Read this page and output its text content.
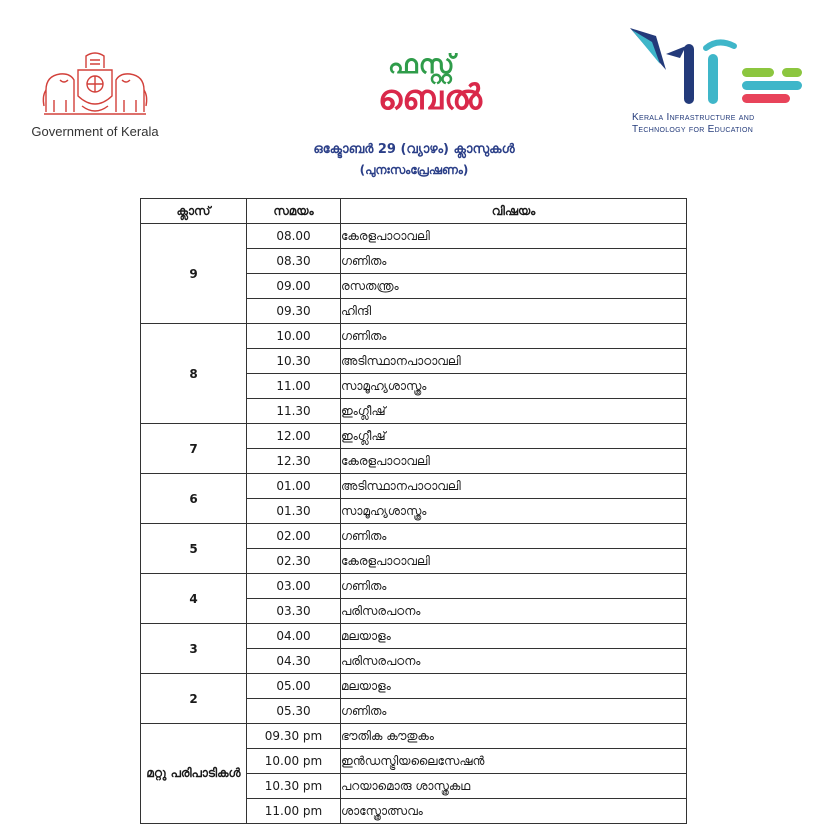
Government of Kerala
ഫസ്റ്റ്
ബെൽ
ഒക്ടോബർ 29 (വ്യാഴം) ക്ലാസുകൾ
(പുനഃസംപ്രേഷണം)
Kerala Infrastructure and
Technology for Education
ക്ലാസ്	സമയം	വിഷയം
9	08.00	കേരളപാഠാവലി
	08.30	ഗണിതം
	09.00	രസതന്ത്രം
	09.30	ഹിന്ദി
8	10.00	ഗണിതം
	10.30	അടിസ്ഥാനപാഠാവലി
	11.00	സാമൂഹ്യശാസ്ത്രം
	11.30	ഇംഗ്ലീഷ്
7	12.00	ഇംഗ്ലീഷ്
	12.30	കേരളപാഠാവലി
6	01.00	അടിസ്ഥാനപാഠാവലി
	01.30	സാമൂഹ്യശാസ്ത്രം
5	02.00	ഗണിതം
	02.30	കേരളപാഠാവലി
4	03.00	ഗണിതം
	03.30	പരിസരപഠനം
3	04.00	മലയാളം
	04.30	പരിസരപഠനം
2	05.00	മലയാളം
	05.30	ഗണിതം
മറ്റു പരിപാടികൾ	09.30 pm	ഭൗതിക കൗതുകം
	10.00 pm	ഇൻഡസ്ട്രിയലൈസേഷൻ
	10.30 pm	പറയാമൊരു ശാസ്ത്രകഥ
	11.00 pm	ശാസ്ത്രോത്സവം
